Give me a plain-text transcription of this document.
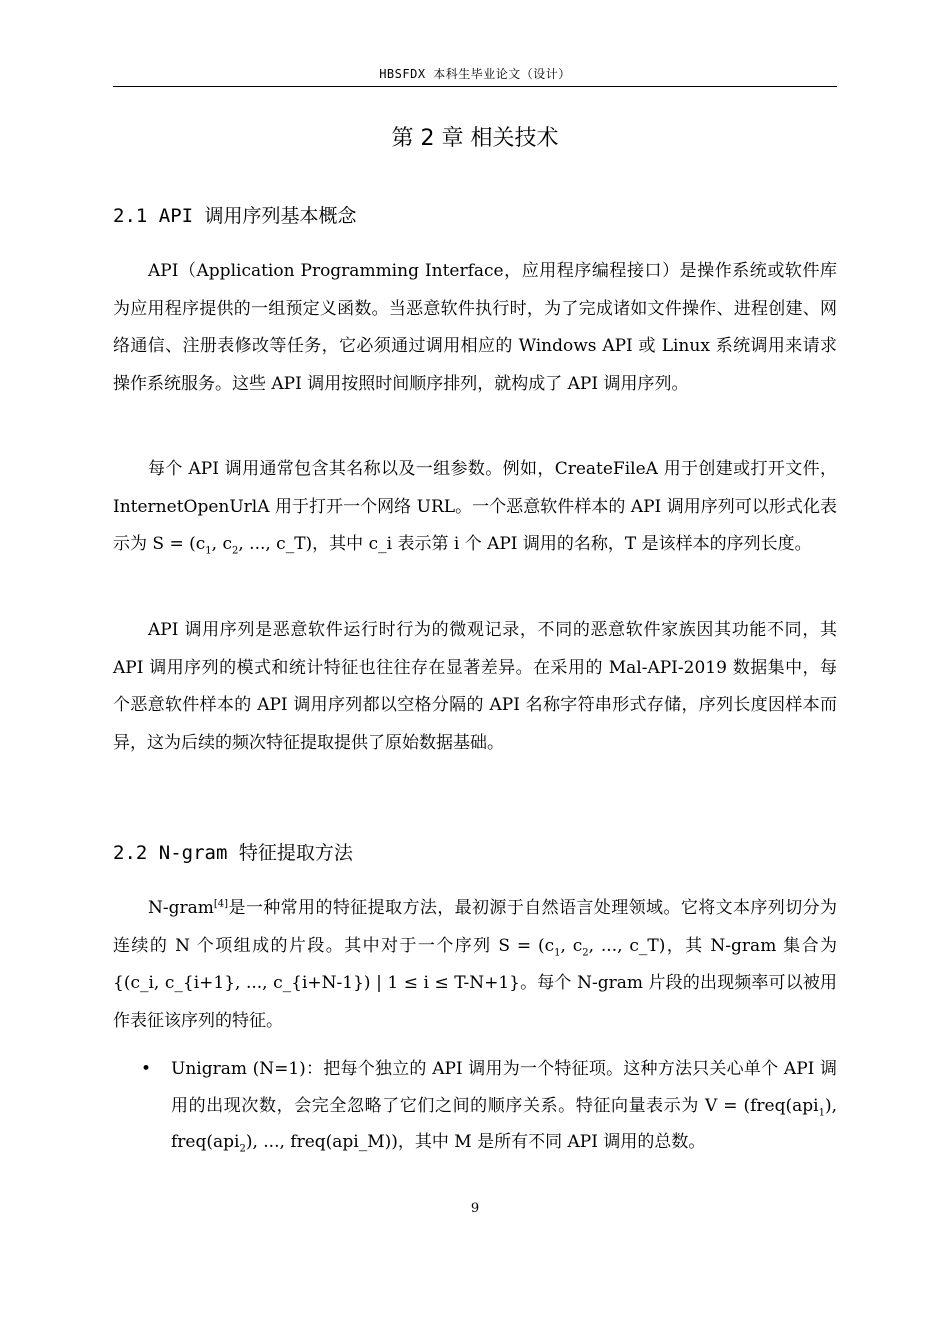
HBSFDX 本科生毕业论文（设计）
第 2 章 相关技术
2.1 API 调用序列基本概念

API（Application Programming Interface，应用程序编程接口）是操作系统或软件库为应用程序提供的一组预定义函数。当恶意软件执行时，为了完成诸如文件操作、进程创建、网络通信、注册表修改等任务，它必须通过调用相应的 Windows API 或 Linux 系统调用来请求操作系统服务。这些 API 调用按照时间顺序排列，就构成了 API 调用序列。

每个 API 调用通常包含其名称以及一组参数。例如，CreateFileA 用于创建或打开文件，InternetOpenUrlA 用于打开一个网络 URL。一个恶意软件样本的 API 调用序列可以形式化表示为 $S = (c_1$, $c_2$, ..., c_T)，其中 c_i 表示第 i 个 API 调用的名称，T 是该样本的序列长度。

API 调用序列是恶意软件运行时行为的微观记录，不同的恶意软件家族因其功能不同，其 API 调用序列的模式和统计特征也往往存在显著差异。在采用的 Mal-API-2019 数据集中，每个恶意软件样本的 API 调用序列都以空格分隔的 API 名称字符串形式存储，序列长度因样本而异，这为后续的频次特征提取提供了原始数据基础。

2.2 N-gram 特征提取方法

N-gram[4]是一种常用的特征提取方法，最初源于自然语言处理领域。它将文本序列切分为连续的 N 个项组成的片段。其中对于一个序列 $S = (c_1$, $c_2$, ..., c_T)，其 N-gram 集合为 {(c_i, c_{i+1}, ..., c_{i+N-1}) | 1 ≤ i ≤ T-N+1}。每个 N-gram 片段的出现频率可以被用作表征该序列的特征。

• Unigram (N=1)：把每个独立的 API 调用为一个特征项。这种方法只关心单个 API 调用的出现次数，会完全忽略了它们之间的顺序关系。特征向量表示为 V = (freq(api$_1$), freq(api$_2$), ..., freq(api_M))，其中 M 是所有不同 API 调用的总数。
9
